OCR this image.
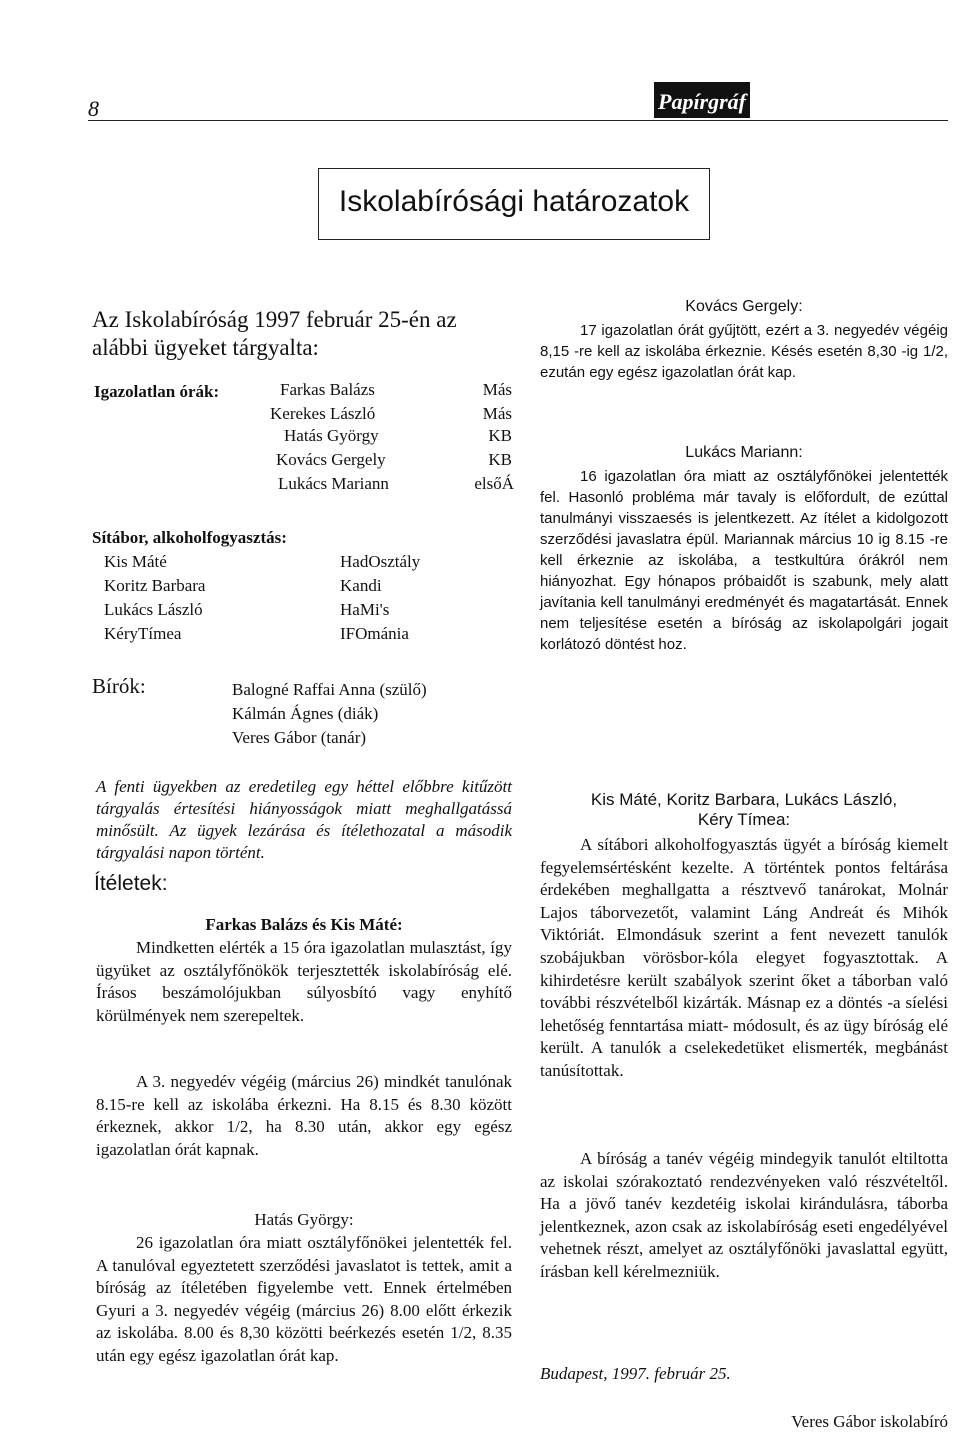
8	Papírgráf
Iskolabírósági határozatok
Az Iskolabíróság 1997 február 25-én az alábbi ügyeket tárgyalta:
Igazolatlan órák:	Farkas Balázs	Más
Kerekes László	Más
Hatás György	KB
Kovács Gergely	KB
Lukács Mariann	elsőÁ
Sítábor, alkoholfogyasztás:
Kis Máté	HadOsztály
Koritz Barbara	Kandi
Lukács László	HaMi's
KéryTímea	IFOmánia
Bírók:	Balogné Raffai Anna (szülő)
Kálmán Ágnes (diák)
Veres Gábor (tanár)
A fenti ügyekben az eredetileg egy héttel előbbre kitűzött tárgyalás értesítési hiányosságok miatt meghallgatássá minősült. Az ügyek lezárása és ítélethozatal a második tárgyalási napon történt.
Ítéletek:
Farkas Balázs és Kis Máté:
Mindketten elérték a 15 óra igazolatlan mulasztást, így ügyüket az osztályfőnökök terjesztették iskolabíróság elé. Írásos beszámolójukban súlyosbító vagy enyhítő körülmények nem szerepeltek.
A 3. negyedév végéig (március 26) mindkét tanulónak 8.15-re kell az iskolába érkezni. Ha 8.15 és 8.30 között érkeznek, akkor 1/2, ha 8.30 után, akkor egy egész igazolatlan órát kapnak.
Hatás György:
26 igazolatlan óra miatt osztályfőnökei jelentették fel. A tanulóval egyeztetett szerződési javaslatot is tettek, amit a bíróság az ítéletében figyelembe vett. Ennek értelmében Gyuri a 3. negyedév végéig (március 26) 8.00 előtt érkezik az iskolába. 8.00 és 8,30 közötti beérkezés esetén 1/2, 8.35 után egy egész igazolatlan órát kap.
Kovács Gergely:
17 igazolatlan órát gyűjtött, ezért a 3. negyedév végéig 8,15 -re kell az iskolába érkeznie. Késés esetén 8,30 -ig 1/2, ezután egy egész igazolatlan órát kap.
Lukács Mariann:
16 igazolatlan óra miatt az osztályfőnökei jelentették fel. Hasonló probléma már tavaly is előfordult, de ezúttal tanulmányi visszaesés is jelentkezett. Az ítélet a kidolgozott szerződési javaslatra épül. Mariannak március 10 ig 8.15 -re kell érkeznie az iskolába, a testkultúra órákról nem hiányozhat. Egy hónapos próbaidőt is szabunk, mely alatt javítania kell tanulmányi eredményét és magatartását. Ennek nem teljesítése esetén a bíróság az iskolapolgári jogait korlátozó döntést hoz.
Kis Máté, Koritz Barbara, Lukács László,
Kéry Tímea:
A sítábori alkoholfogyasztás ügyét a bíróság kiemelt fegyelemsértésként kezelte. A történtek pontos feltárása érdekében meghallgatta a résztvevő tanárokat, Molnár Lajos táborvezetőt, valamint Láng Andreát és Mihók Viktóriát. Elmondásuk szerint a fent nevezett tanulók szobájukban vörösbor-kóla elegyet fogyasztottak. A kihirdetésre került szabályok szerint őket a táborban való további részvételből kizárták. Másnap ez a döntés -a síelési lehetőség fenntartása miatt- módosult, és az ügy bíróság elé került. A tanulók a cselekedetüket elismerték, megbánást tanúsítottak.
A bíróság a tanév végéig mindegyik tanulót eltiltotta az iskolai szórakoztató rendezvényeken való részvételtől. Ha a jövő tanév kezdetéig iskolai kirándulásra, táborba jelentkeznek, azon csak az iskolabíróság eseti engedélyével vehetnek részt, amelyet az osztályfőnöki javaslattal együtt, írásban kell kérelmezniük.
Budapest, 1997. február 25.
Veres Gábor iskolabíró
